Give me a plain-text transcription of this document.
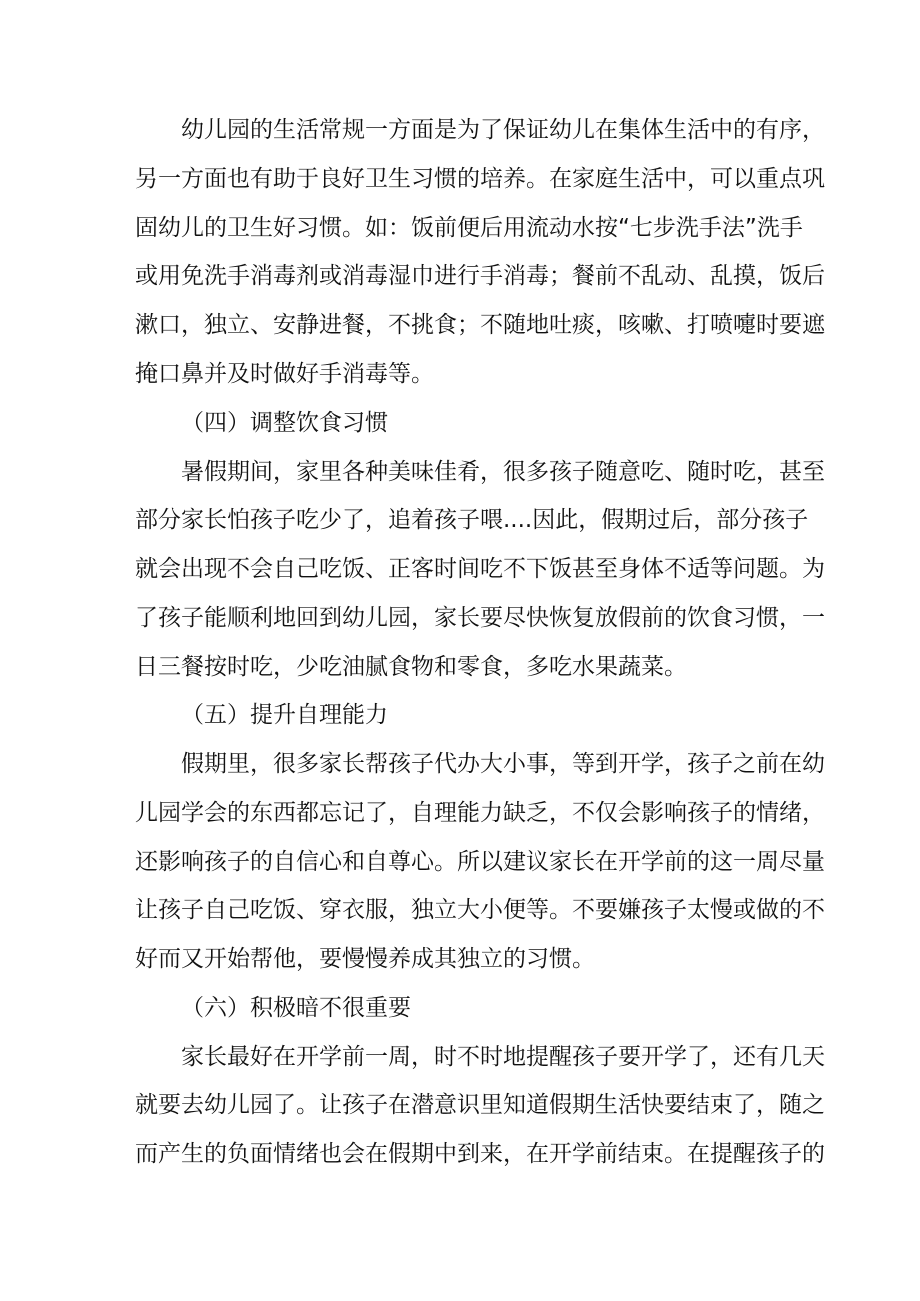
幼儿园的生活常规一方面是为了保证幼儿在集体生活中的有序，
另一方面也有助于良好卫生习惯的培养。在家庭生活中，可以重点巩
固幼儿的卫生好习惯。如：饭前便后用流动水按“七步洗手法”洗手
或用免洗手消毒剂或消毒湿巾进行手消毒；餐前不乱动、乱摸，饭后
漱口，独立、安静进餐，不挑食；不随地吐痰，咳嗽、打喷嚏时要遮
掩口鼻并及时做好手消毒等。
（四）调整饮食习惯
暑假期间，家里各种美味佳肴，很多孩子随意吃、随时吃，甚至
部分家长怕孩子吃少了，追着孩子喂....因此，假期过后，部分孩子
就会出现不会自己吃饭、正客时间吃不下饭甚至身体不适等问题。为
了孩子能顺利地回到幼儿园，家长要尽快恢复放假前的饮食习惯，一
日三餐按时吃，少吃油腻食物和零食，多吃水果蔬菜。
（五）提升自理能力
假期里，很多家长帮孩子代办大小事，等到开学，孩子之前在幼
儿园学会的东西都忘记了，自理能力缺乏，不仅会影响孩子的情绪，
还影响孩子的自信心和自尊心。所以建议家长在开学前的这一周尽量
让孩子自己吃饭、穿衣服，独立大小便等。不要嫌孩子太慢或做的不
好而又开始帮他，要慢慢养成其独立的习惯。
（六）积极暗不很重要
家长最好在开学前一周，时不时地提醒孩子要开学了，还有几天
就要去幼儿园了。让孩子在潜意识里知道假期生活快要结束了，随之
而产生的负面情绪也会在假期中到来，在开学前结束。在提醒孩子的
